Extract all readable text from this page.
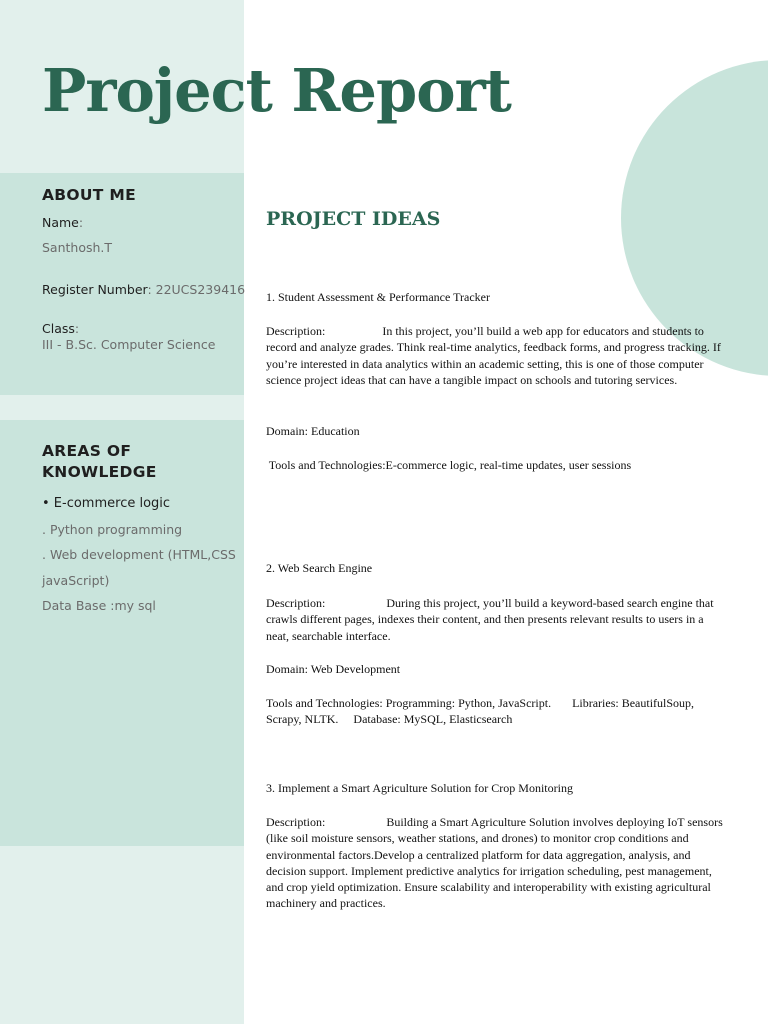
Project Report
ABOUT ME
Name:
Santhosh.T
Register Number: 22UCS239416
Class:
III - B.Sc. Computer Science
AREAS OF
KNOWLEDGE
• E-commerce logic
. Python programming
. Web development (HTML,CSS
javaScript)
Data Base :my sql
PROJECT IDEAS
1. Student Assessment & Performance Tracker

Description:	In this project, you’ll build a web app for educators and students to record and analyze grades. Think real-time analytics, feedback forms, and progress tracking. If you’re interested in data analytics within an academic setting, this is one of those computer science project ideas that can have a tangible impact on schools and tutoring services.

Domain: Education
Tools and Technologies:E-commerce logic, real-time updates, user sessions
2. Web Search Engine

Description:	During this project, you’ll build a keyword-based search engine that crawls different pages, indexes their content, and then presents relevant results to users in a neat, searchable interface.

Domain: Web Development
Tools and Technologies: Programming: Python, JavaScript.       Libraries: BeautifulSoup, Scrapy, NLTK.     Database: MySQL, Elasticsearch
3. Implement a Smart Agriculture Solution for Crop Monitoring

Description:	Building a Smart Agriculture Solution involves deploying IoT sensors (like soil moisture sensors, weather stations, and drones) to monitor crop conditions and environmental factors.Develop a centralized platform for data aggregation, analysis, and decision support. Implement predictive analytics for irrigation scheduling, pest management, and crop yield optimization. Ensure scalability and interoperability with existing agricultural machinery and practices.
